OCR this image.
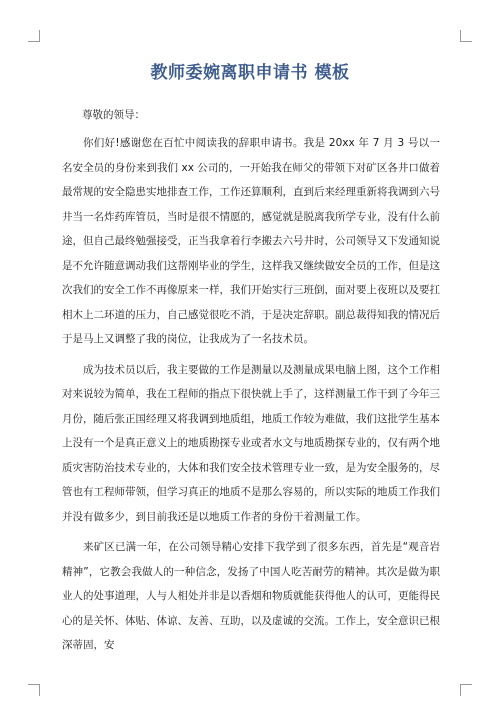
教师委婉离职申请书 模板

尊敬的领导：

你们好!感谢您在百忙中阅读我的辞职申请书。我是 20xx 年 7 月 3 号以一名安全员的身份来到我们 xx 公司的，一开始我在师父的带领下对矿区各井口做着最常规的安全隐患实地排查工作，工作还算顺利，直到后来经理重新将我调到六号井当一名炸药库管员，当时是很不情愿的，感觉就是脱离我所学专业，没有什么前途，但自己最终勉强接受，正当我拿着行李搬去六号井时，公司领导又下发通知说是不允许随意调动我们这帮刚毕业的学生，这样我又继续做安全员的工作，但是这次我们的安全工作不再像原来一样，我们开始实行三班倒，面对要上夜班以及要扛相木上二环道的压力，自己感觉很吃不消，于是决定辞职。副总裁得知我的情况后于是马上又调整了我的岗位，让我成为了一名技术员。

成为技术员以后，我主要做的工作是测量以及测量成果电脑上图，这个工作相对来说较为简单，我在工程师的指点下很快就上手了，这样测量工作干到了今年三月份，随后张正国经理又将我调到地质组，地质工作较为难做，我们这批学生基本上没有一个是真正意义上的地质勘探专业或者水文与地质勘探专业的，仅有两个地质灾害防治技术专业的，大体和我们安全技术管理专业一致，是为安全服务的，尽管也有工程师带领，但学习真正的地质不是那么容易的，所以实际的地质工作我们并没有做多少，到目前我还是以地质工作者的身份干着测量工作。

来矿区已满一年，在公司领导精心安排下我学到了很多东西，首先是“观音岩精神”，它教会我做人的一种信念，发扬了中国人吃苦耐劳的精神。其次是做为职业人的处事道理，人与人相处并非是以香烟和物质就能获得他人的认可，更能得民心的是关怀、体贴、体谅、友善、互助，以及虚诚的交流。工作上，安全意识已根深蒂固，安
